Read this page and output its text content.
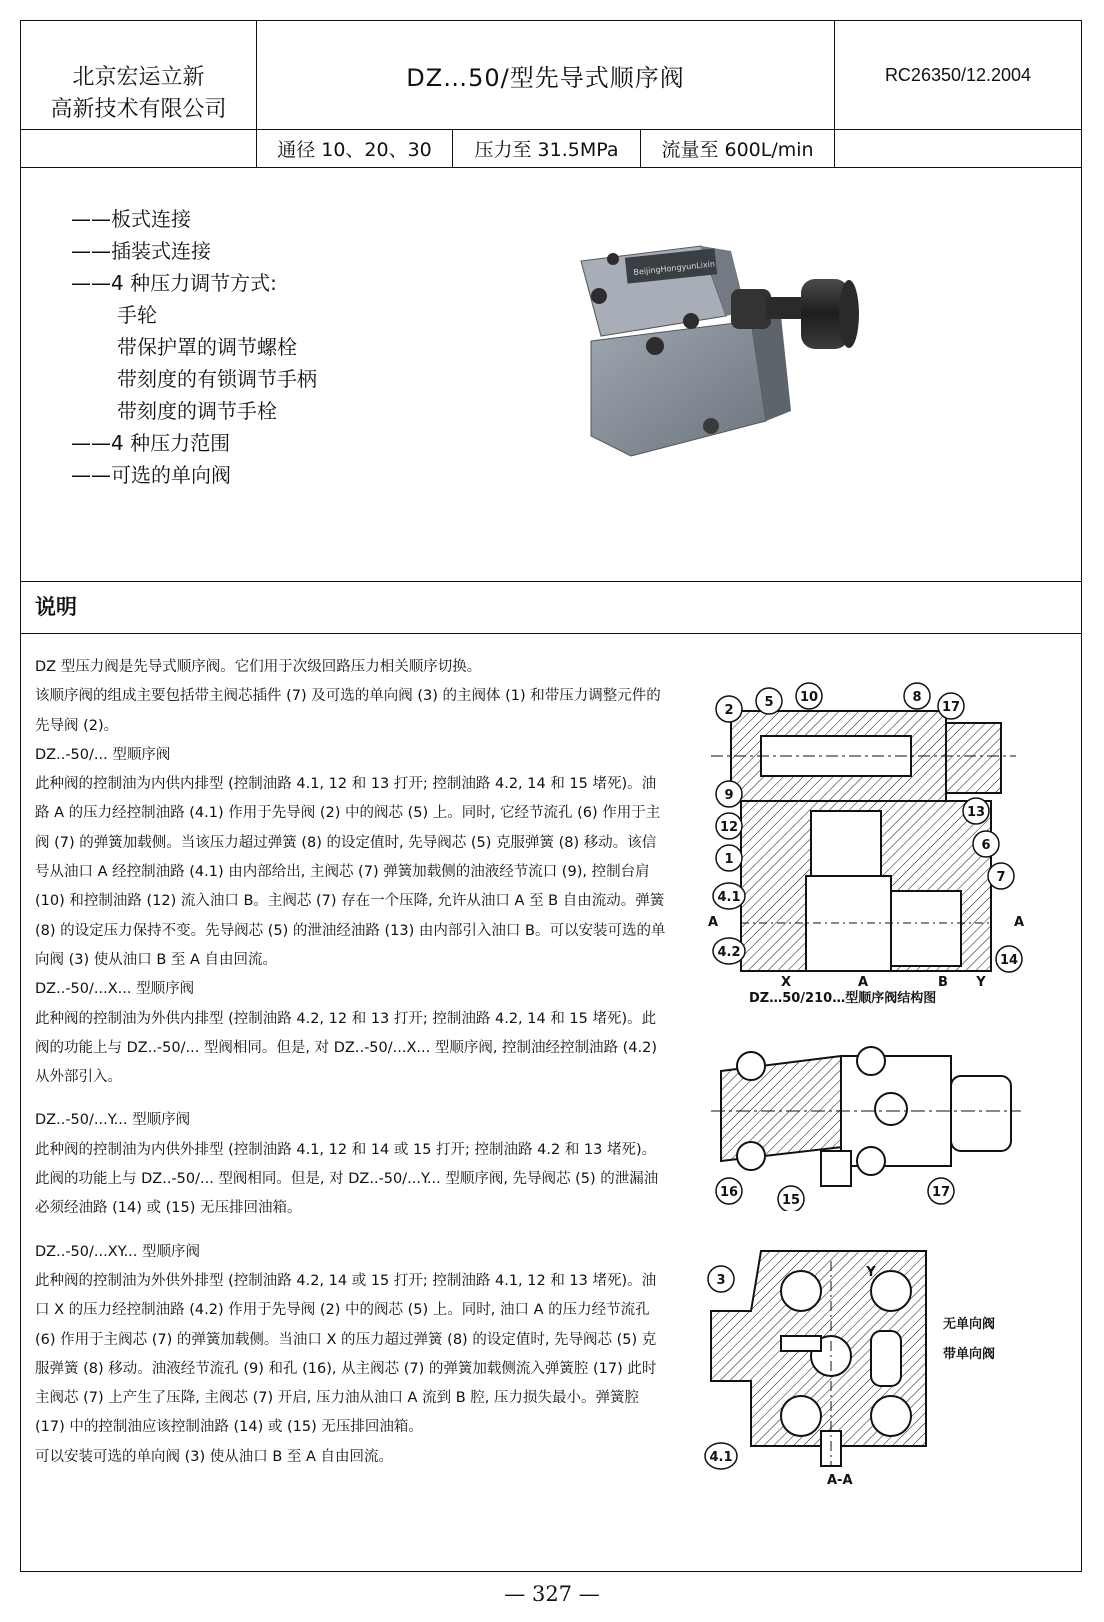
北京宏运立新
高新技术有限公司
DZ…50/型先导式顺序阀	RC26350/12.2004
通径 10、20、30	压力至 31.5MPa	流量至 600L/min
——板式连接
——插装式连接
——4 种压力调节方式:
手轮
带保护罩的调节螺栓
带刻度的有锁调节手柄
带刻度的调节手栓
——4 种压力范围
——可选的单向阀
BeijingHongyunLixin
说明

DZ 型压力阀是先导式顺序阀。它们用于次级回路压力相关顺序切换。

该顺序阀的组成主要包括带主阀芯插件 (7) 及可选的单向阀 (3) 的主阀体 (1) 和带压力调整元件的先导阀 (2)。

DZ..-50/... 型顺序阀

此种阀的控制油为内供内排型 (控制油路 4.1, 12 和 13 打开; 控制油路 4.2, 14 和 15 堵死)。油路 A 的压力经控制油路 (4.1) 作用于先导阀 (2) 中的阀芯 (5) 上。同时, 它经节流孔 (6) 作用于主阀 (7) 的弹簧加载侧。当该压力超过弹簧 (8) 的设定值时, 先导阀芯 (5) 克服弹簧 (8) 移动。该信号从油口 A 经控制油路 (4.1) 由内部给出, 主阀芯 (7) 弹簧加载侧的油液经节流口 (9), 控制台肩 (10) 和控制油路 (12) 流入油口 B。主阀芯 (7) 存在一个压降, 允许从油口 A 至 B 自由流动。弹簧 (8) 的设定压力保持不变。先导阀芯 (5) 的泄油经油路 (13) 由内部引入油口 B。可以安装可选的单向阀 (3) 使从油口 B 至 A 自由回流。

DZ..-50/...X... 型顺序阀

此种阀的控制油为外供内排型 (控制油路 4.2, 12 和 13 打开; 控制油路 4.2, 14 和 15 堵死)。此阀的功能上与 DZ..-50/... 型阀相同。但是, 对 DZ..-50/...X... 型顺序阀, 控制油经控制油路 (4.2) 从外部引入。

DZ..-50/...Y... 型顺序阀

此种阀的控制油为内供外排型 (控制油路 4.1, 12 和 14 或 15 打开; 控制油路 4.2 和 13 堵死)。此阀的功能上与 DZ..-50/... 型阀相同。但是, 对 DZ..-50/...Y... 型顺序阀, 先导阀芯 (5) 的泄漏油必须经油路 (14) 或 (15) 无压排回油箱。

DZ..-50/...XY... 型顺序阀

此种阀的控制油为外供外排型 (控制油路 4.2, 14 或 15 打开; 控制油路 4.1, 12 和 13 堵死)。油口 X 的压力经控制油路 (4.2) 作用于先导阀 (2) 中的阀芯 (5) 上。同时, 油口 A 的压力经节流孔 (6) 作用于主阀芯 (7) 的弹簧加载侧。当油口 X 的压力超过弹簧 (8) 的设定值时, 先导阀芯 (5) 克服弹簧 (8) 移动。油液经节流孔 (9) 和孔 (16), 从主阀芯 (7) 的弹簧加载侧流入弹簧腔 (17) 此时主阀芯 (7) 上产生了压降, 主阀芯 (7) 开启, 压力油从油口 A 流到 B 腔, 压力损失最小。弹簧腔 (17) 中的控制油应该控制油路 (14) 或 (15) 无压排回油箱。

可以安装可选的单向阀 (3) 使从油口 B 至 A 自由回流。

2
5 10	8
17
9
12
13
1
6
7
4.1
4.2
14
A	A
X	A	B Y
DZ…50/210…型顺序阀结构图
16
15
17
3
4.1
Y
无单向阀
带单向阀
A-A
— 327 —
